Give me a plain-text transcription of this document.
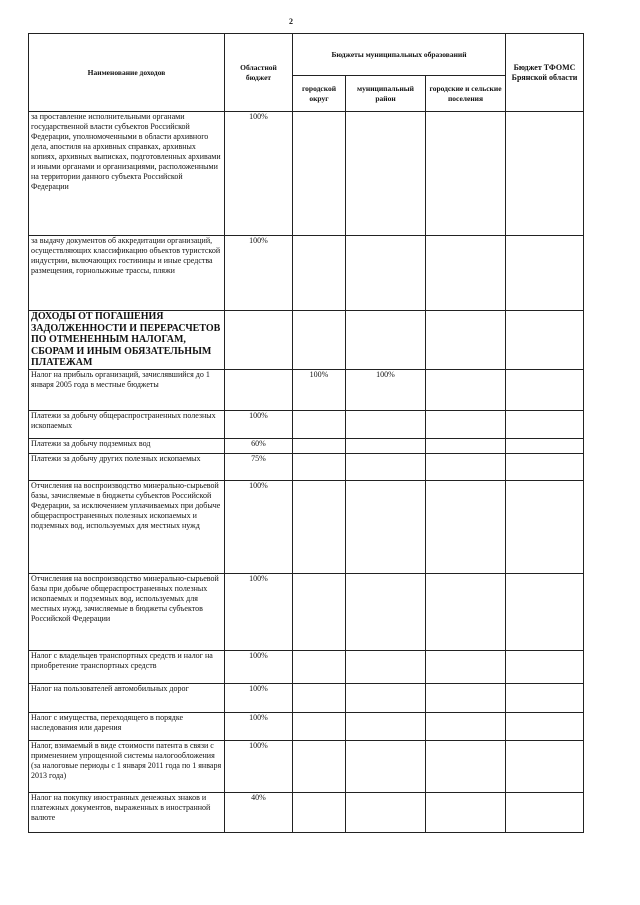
2
Наименование доходов	Областной бюджет	Бюджеты муниципальных образований			Бюджет ТФОМС Брянской области
		городской округ	муниципальный район	городские и сельские поселения	
за проставление исполнительными органами государственной власти субъектов Российской Федерации, уполномоченными в области архивного дела, апостиля на архивных справках, архивных копиях, архивных выписках, подготовленных архивами и иными органами и организациями, расположенными на территории данного субъекта Российской Федерации	100%				
за выдачу документов об аккредитации организаций, осуществляющих классификацию объектов туристской индустрии, включающих гостиницы и иные средства размещения, горнолыжные трассы, пляжи	100%				
ДОХОДЫ ОТ ПОГАШЕНИЯ ЗАДОЛЖЕННОСТИ И ПЕРЕРАСЧЕТОВ ПО ОТМЕНЕННЫМ НАЛОГАМ, СБОРАМ И ИНЫМ ОБЯЗАТЕЛЬНЫМ ПЛАТЕЖАМ					
Налог на прибыль организаций, зачислявшийся до 1 января 2005 года в местные бюджеты		100%	100%		
Платежи за добычу общераспространенных полезных ископаемых	100%				
Платежи за добычу подземных вод	60%				
Платежи за добычу других полезных ископаемых	75%				
Отчисления на воспроизводство минерально-сырьевой базы, зачисляемые в бюджеты субъектов Российской Федерации, за исключением уплачиваемых при добыче общераспространенных полезных ископаемых и подземных вод, используемых для местных нужд	100%				
Отчисления на воспроизводство минерально-сырьевой базы при добыче общераспространенных полезных ископаемых и подземных вод, используемых для местных нужд, зачисляемые в бюджеты субъектов Российской Федерации	100%				
Налог с владельцев транспортных средств и налог на приобретение транспортных средств	100%				
Налог на пользователей автомобильных дорог	100%				
Налог с имущества, переходящего в порядке наследования или дарения	100%				
Налог, взимаемый в виде стоимости патента в связи с применением упрощенной системы налогообложения (за налоговые периоды с 1 января 2011 года по 1 января 2013 года)	100%				
Налог на покупку иностранных денежных знаков и платежных документов, выраженных в иностранной валюте	40%				
